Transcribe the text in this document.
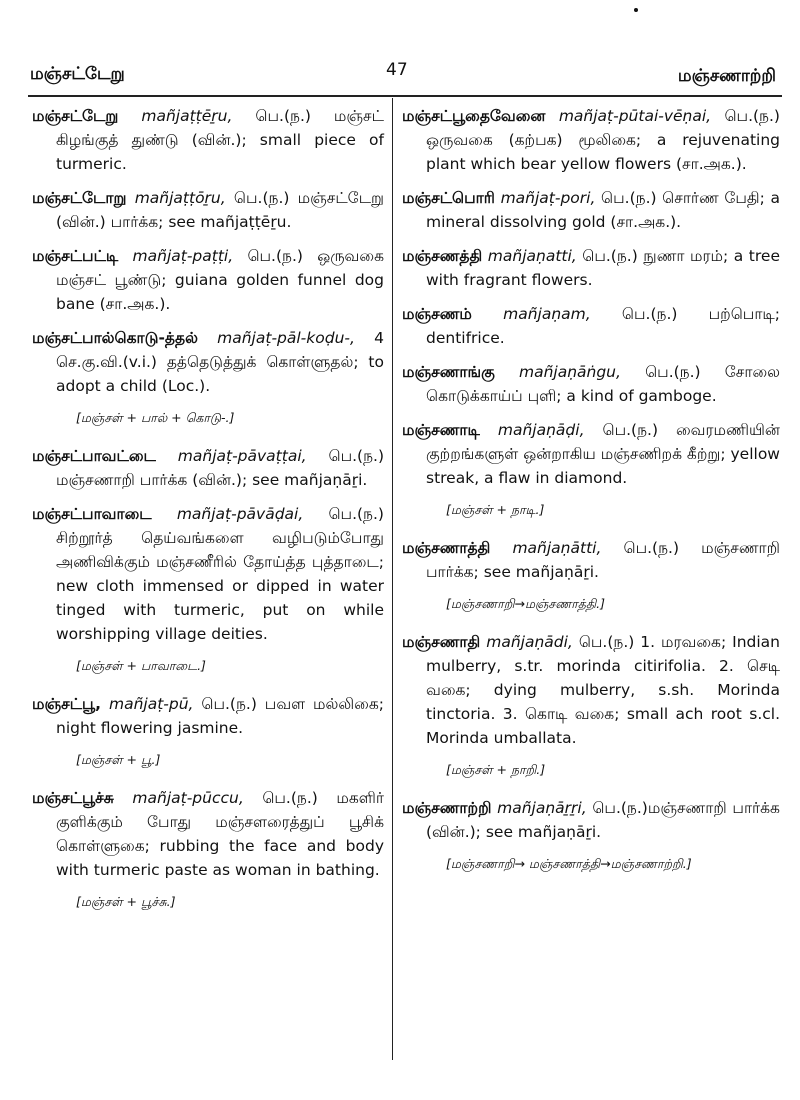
மஞ்சட்டேறு	47	மஞ்சணாற்றி

மஞ்சட்டேறு mañjaṭṭēṟu, பெ.(ந.) மஞ்சட் கிழங்குத் துண்டு (வின்.); small piece of turmeric.

மஞ்சட்டோறு mañjaṭṭōṟu, பெ.(ந.) மஞ்சட்டேறு (வின்.) பார்க்க; see mañjaṭṭēṟu.

மஞ்சட்பட்டி mañjaṭ-paṭṭi, பெ.(ந.) ஒருவகை மஞ்சட் பூண்டு; guiana golden funnel dog bane (சா.அக.).

மஞ்சட்பால்கொடு-த்தல் mañjaṭ-pāl-koḍu-, 4 செ.கு.வி.(v.i.) தத்தெடுத்துக் கொள்ளுதல்; to adopt a child (Loc.).

[மஞ்சள் + பால் + கொடு-.]

மஞ்சட்பாவட்டை mañjaṭ-pāvaṭṭai, பெ.(ந.) மஞ்சணாறி பார்க்க (வின்.); see mañjaṇāṟi.

மஞ்சட்பாவாடை mañjaṭ-pāvāḍai, பெ.(ந.) சிற்றூர்த் தெய்வங்களை வழிபடும்போது அணிவிக்கும் மஞ்சணீரில் தோய்த்த புத்தாடை; new cloth immensed or dipped in water tinged with turmeric, put on while worshipping village deities.

[மஞ்சள் + பாவாடை.]

மஞ்சட்பூ, mañjaṭ-pū, பெ.(ந.) பவள மல்லிகை; night flowering jasmine.

[மஞ்சள் + பூ.]

மஞ்சட்பூச்சு mañjaṭ-pūccu, பெ.(ந.) மகளிர் குளிக்கும் போது மஞ்சளரைத்துப் பூசிக் கொள்ளுகை; rubbing the face and body with turmeric paste as woman in bathing.

[மஞ்சள் + பூச்சு.]

மஞ்சட்பூதைவேனை mañjaṭ-pūtai-vēṇai, பெ.(ந.) ஒருவகை (கற்பக) மூலிகை; a rejuvenating plant which bear yellow flowers (சா.அக.).

மஞ்சட்பொரி mañjaṭ-pori, பெ.(ந.) சொர்ண பேதி; a mineral dissolving gold (சா.அக.).

மஞ்சணத்தி mañjaṇatti, பெ.(ந.) நுணா மரம்; a tree with fragrant flowers.

மஞ்சணம் mañjaṇam, பெ.(ந.) பற்பொடி; dentifrice.

மஞ்சணாங்கு mañjaṇāṅgu, பெ.(ந.) சோலை கொடுக்காய்ப் புளி; a kind of gamboge.

மஞ்சணாடி mañjaṇāḍi, பெ.(ந.) வைரமணியின் குற்றங்களுள் ஒன்றாகிய மஞ்சணிறக் கீற்று; yellow streak, a flaw in diamond.

[மஞ்சள் + நாடி.]

மஞ்சணாத்தி mañjaṇātti, பெ.(ந.) மஞ்சணாறி பார்க்க; see mañjaṇāṟi.

[மஞ்சணாறி→மஞ்சணாத்தி.]

மஞ்சணாதி mañjaṇādi, பெ.(ந.) 1. மரவகை; Indian mulberry, s.tr. morinda citirifolia. 2. செடி வகை; dying mulberry, s.sh. Morinda tinctoria. 3. கொடி வகை; small ach root s.cl. Morinda umballata.

[மஞ்சள் + நாறி.]

மஞ்சணாற்றி mañjaṇāṟṟi, பெ.(ந.)மஞ்சணாறி பார்க்க (வின்.); see mañjaṇāṟi.

[மஞ்சணாறி→ மஞ்சணாத்தி→மஞ்சணாற்றி.]
